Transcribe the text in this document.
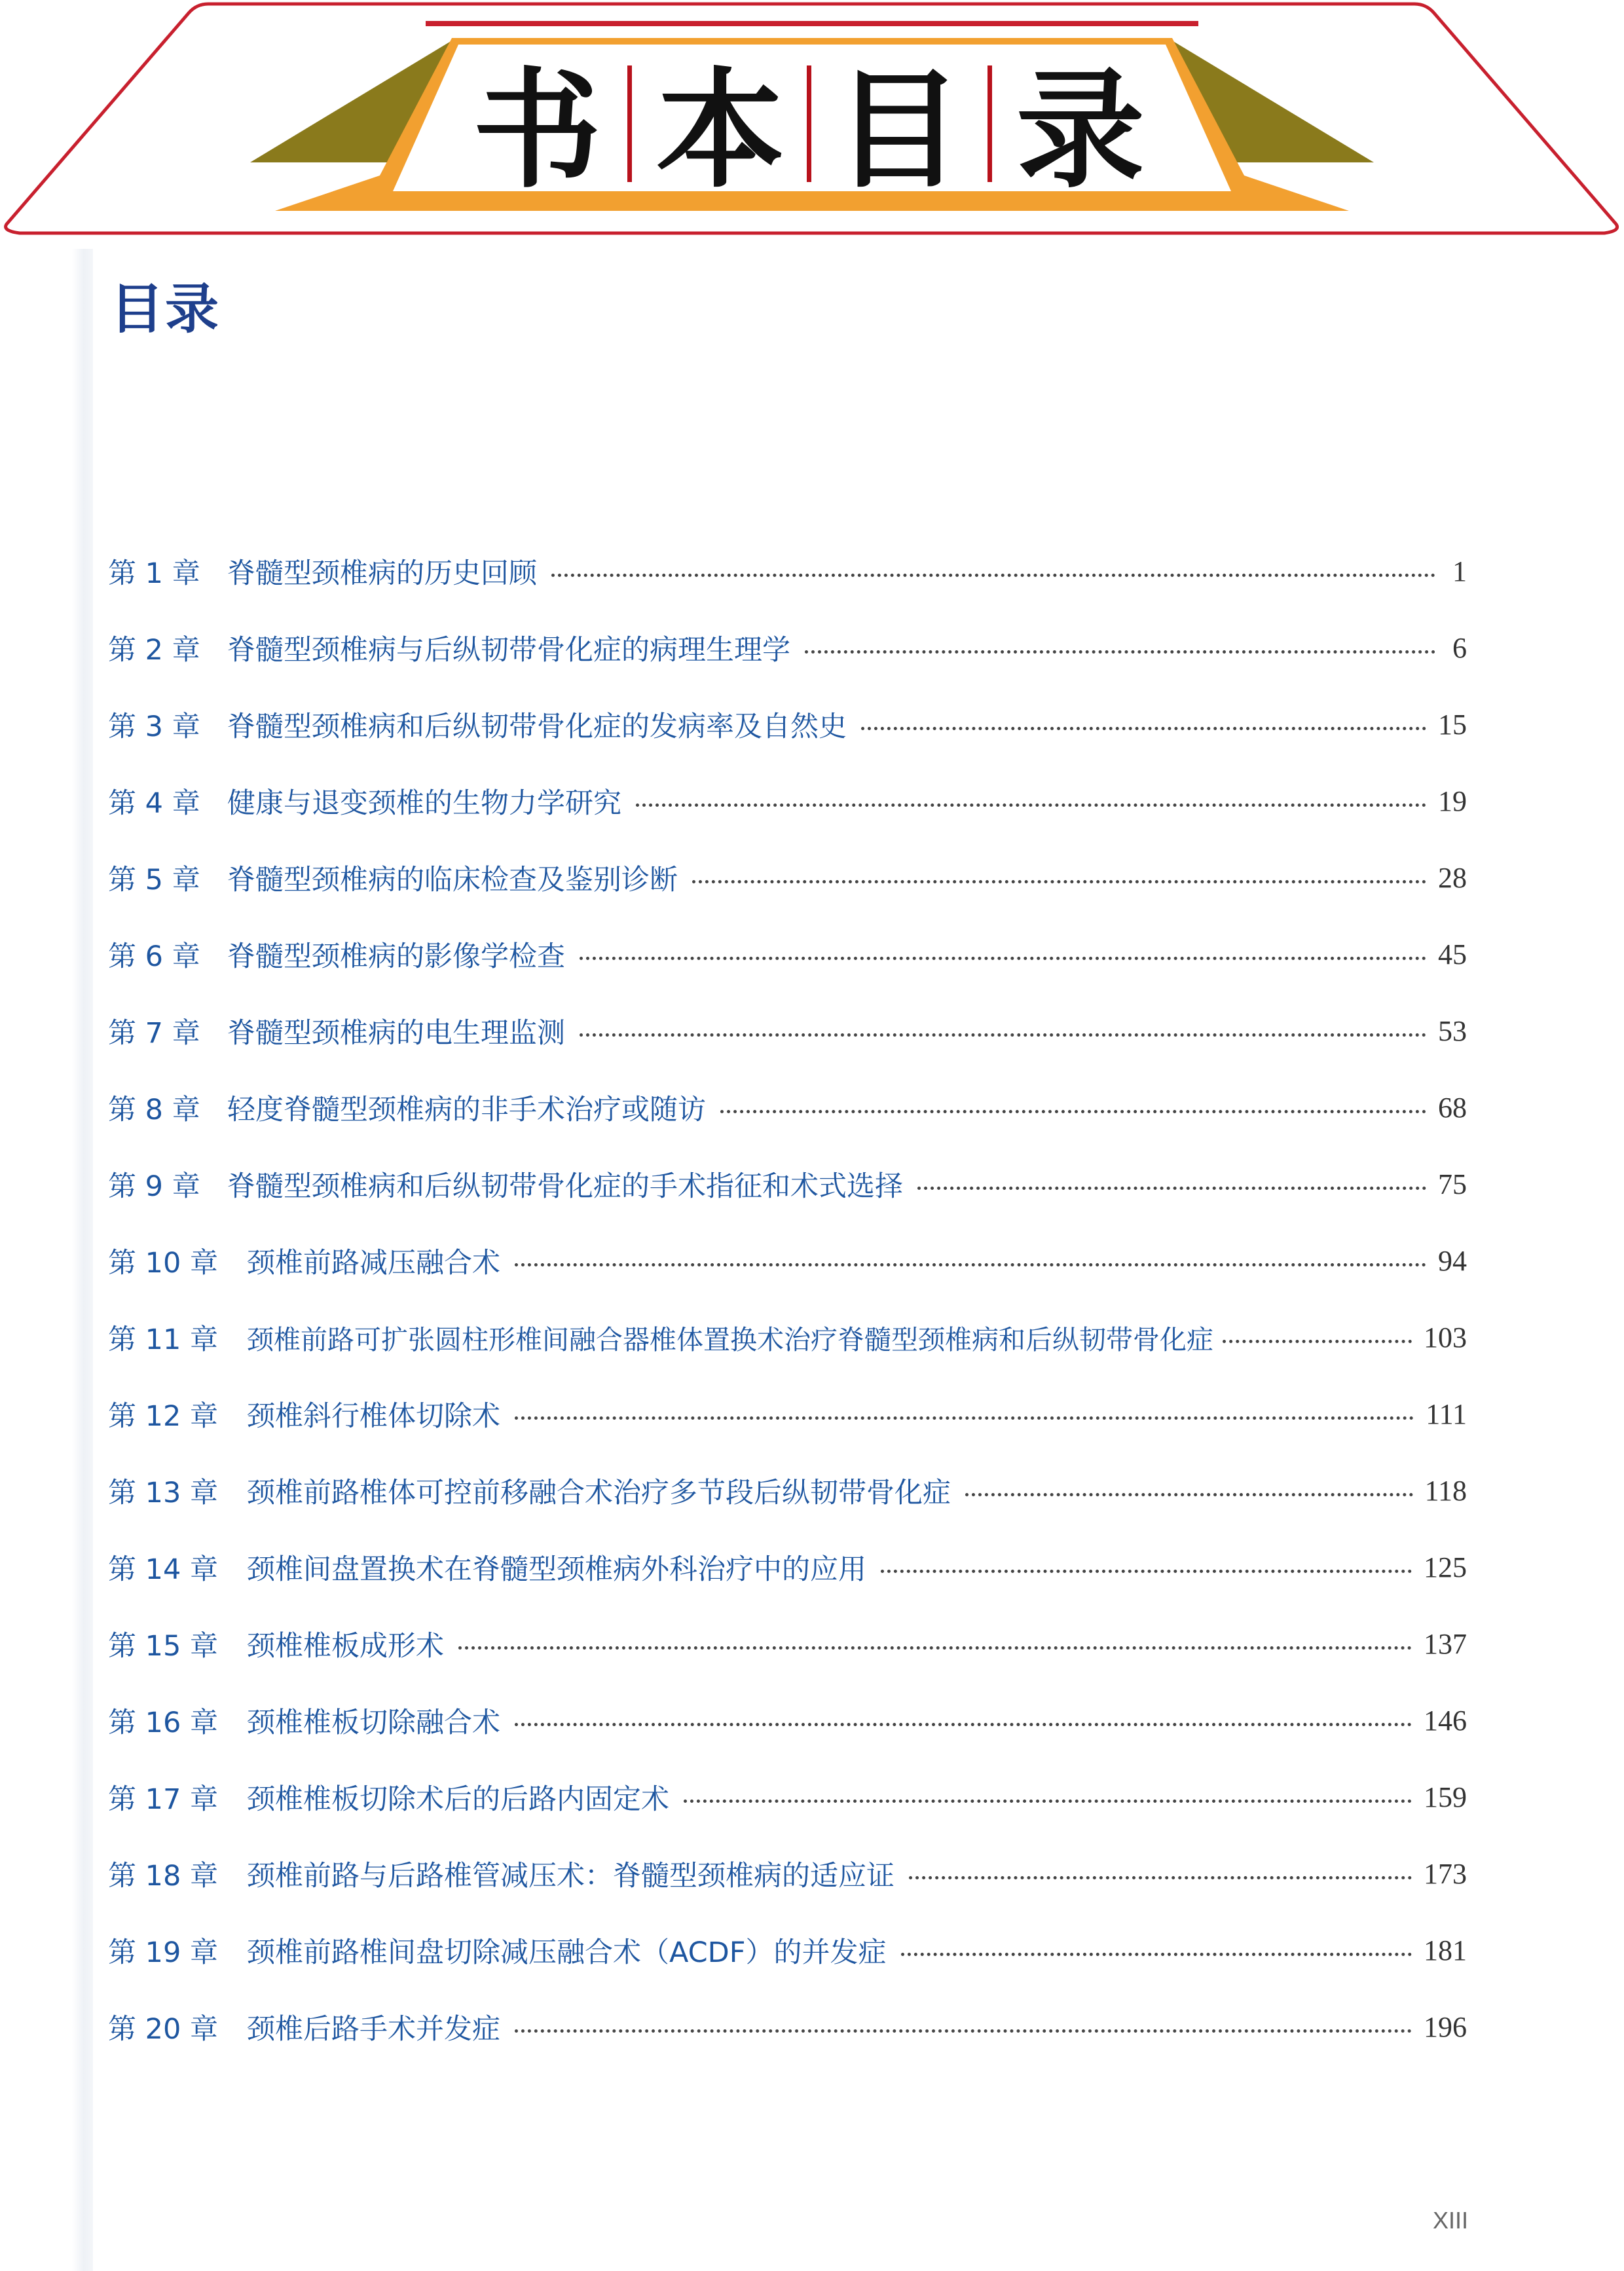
书 本 目 录
目录
第 1 章 脊髓型颈椎病的历史回顾	1
第 2 章 脊髓型颈椎病与后纵韧带骨化症的病理生理学	6
第 3 章 脊髓型颈椎病和后纵韧带骨化症的发病率及自然史	15
第 4 章 健康与退变颈椎的生物力学研究	19
第 5 章 脊髓型颈椎病的临床检查及鉴别诊断	28
第 6 章 脊髓型颈椎病的影像学检查	45
第 7 章 脊髓型颈椎病的电生理监测	53
第 8 章 轻度脊髓型颈椎病的非手术治疗或随访	68
第 9 章 脊髓型颈椎病和后纵韧带骨化症的手术指征和术式选择	75
第 10 章	颈椎前路减压融合术	94
第 11 章	颈椎前路可扩张圆柱形椎间融合器椎体置换术治疗脊髓型颈椎病和后纵韧带骨化症	103
第 12 章	颈椎斜行椎体切除术	111
第 13 章	颈椎前路椎体可控前移融合术治疗多节段后纵韧带骨化症	118
第 14 章	颈椎间盘置换术在脊髓型颈椎病外科治疗中的应用	125
第 15 章	颈椎椎板成形术	137
第 16 章	颈椎椎板切除融合术	146
第 17 章	颈椎椎板切除术后的后路内固定术	159
第 18 章	颈椎前路与后路椎管减压术：脊髓型颈椎病的适应证	173
第 19 章	颈椎前路椎间盘切除减压融合术（ACDF）的并发症	181
第 20 章	颈椎后路手术并发症	196
XIII
